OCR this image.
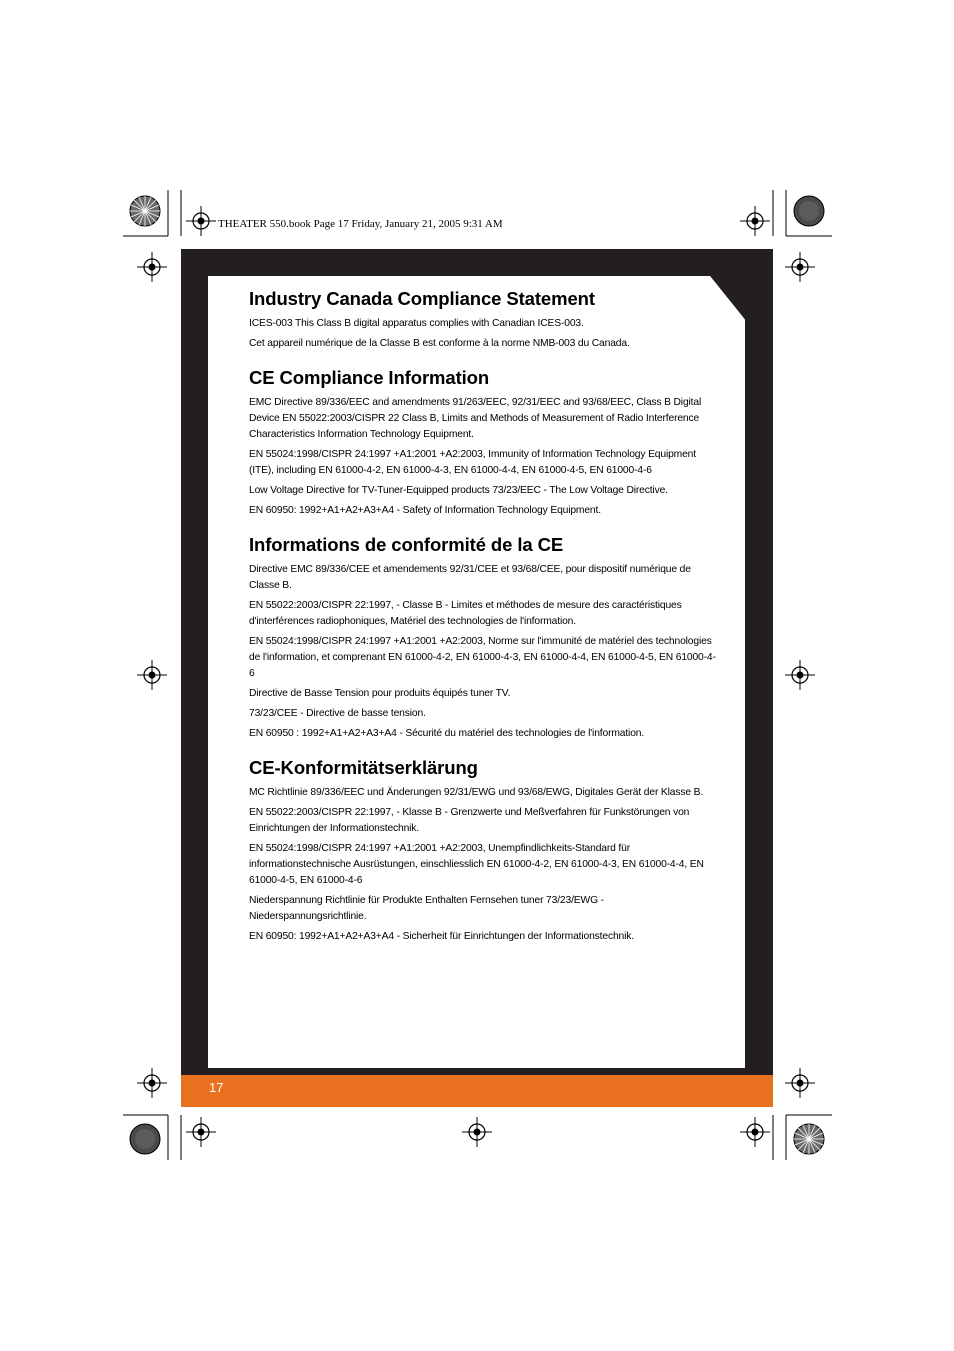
THEATER 550.book Page 17 Friday, January 21, 2005 9:31 AM
17
Industry Canada Compliance Statement

ICES-003 This Class B digital apparatus complies with Canadian ICES-003.

Cet appareil numérique de la Classe B est conforme à la norme NMB-003 du Canada.

CE Compliance Information

EMC Directive 89/336/EEC and amendments 91/263/EEC, 92/31/EEC and 93/68/EEC, Class B Digital Device EN 55022:2003/CISPR 22 Class B, Limits and Methods of Measurement of Radio Interference Characteristics Information Technology Equipment.

EN 55024:1998/CISPR 24:1997 +A1:2001 +A2:2003, Immunity of Information Technology Equipment (ITE), including EN 61000-4-2, EN 61000-4-3, EN 61000-4-4, EN 61000-4-5, EN 61000-4-6

Low Voltage Directive for TV-Tuner-Equipped products 73/23/EEC - The Low Voltage Directive.

EN 60950: 1992+A1+A2+A3+A4 - Safety of Information Technology Equipment.

Informations de conformité de la CE

Directive EMC 89/336/CEE et amendements 92/31/CEE et 93/68/CEE, pour dispositif numérique de Classe B.

EN 55022:2003/CISPR 22:1997, - Classe B - Limites et méthodes de mesure des caractéristiques d'interférences radiophoniques, Matériel des technologies de l'information.

EN 55024:1998/CISPR 24:1997 +A1:2001 +A2:2003, Norme sur l'immunité de matériel des technologies de l'information, et comprenant EN 61000-4-2, EN 61000-4-3, EN 61000-4-4, EN 61000-4-5, EN 61000-4-6

Directive de Basse Tension pour produits équipés tuner TV.

73/23/CEE - Directive de basse tension.

EN 60950 : 1992+A1+A2+A3+A4 - Sécurité du matériel des technologies de l'information.

CE-Konformitätserklärung

MC Richtlinie 89/336/EEC und Änderungen 92/31/EWG und 93/68/EWG, Digitales Gerät der Klasse B.

EN 55022:2003/CISPR 22:1997, - Klasse B - Grenzwerte und Meßverfahren für Funkstörungen von Einrichtungen der Informationstechnik.

EN 55024:1998/CISPR 24:1997 +A1:2001 +A2:2003, Unempfindlichkeits-Standard für informationstechnische Ausrüstungen, einschliesslich EN 61000-4-2, EN 61000-4-3, EN 61000-4-4, EN 61000-4-5, EN 61000-4-6

Niederspannung Richtlinie für Produkte Enthalten Fernsehen tuner 73/23/EWG - Niederspannungsrichtlinie.

EN 60950: 1992+A1+A2+A3+A4 - Sicherheit für Einrichtungen der Informationstechnik.
